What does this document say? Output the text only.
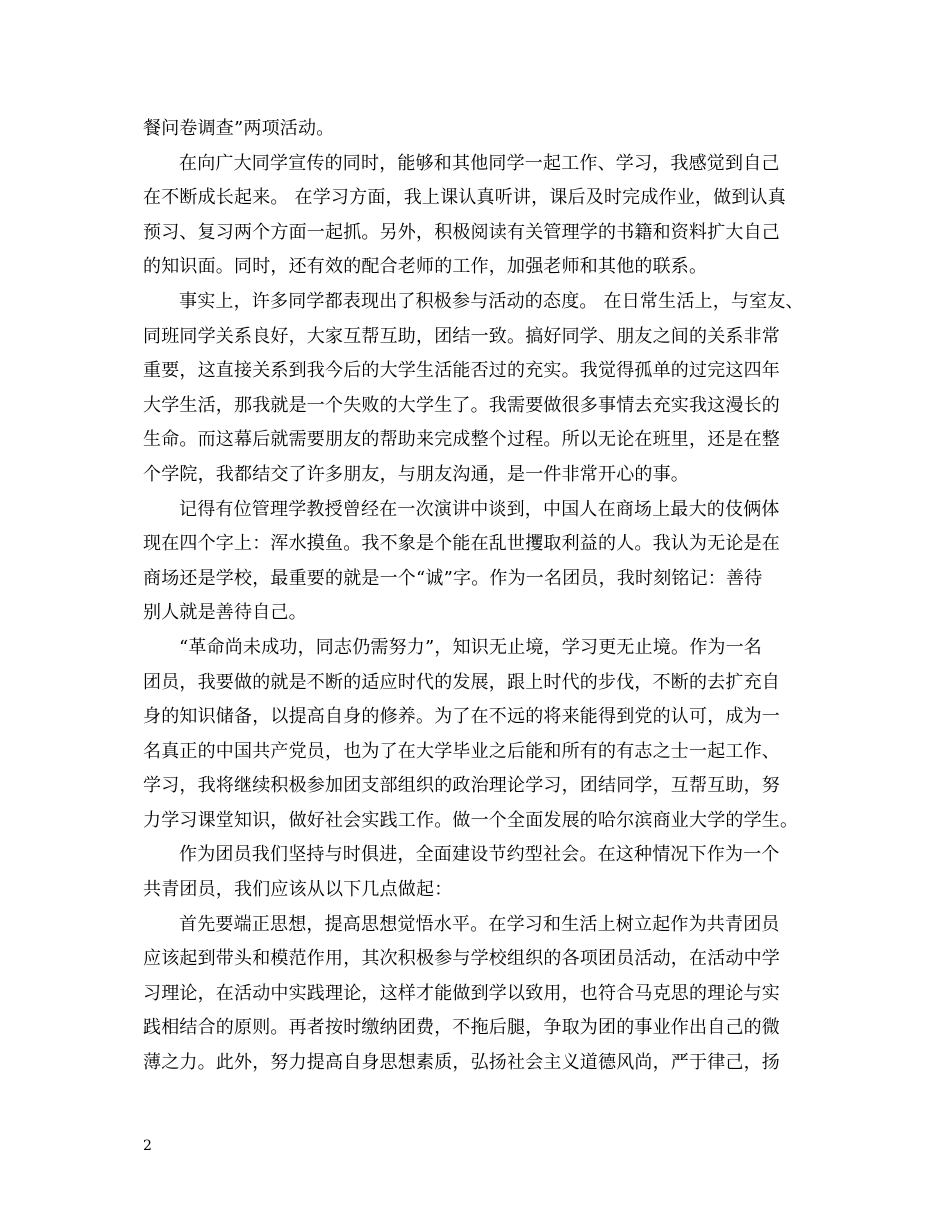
餐问卷调查”两项活动。
在向广大同学宣传的同时，能够和其他同学一起工作、学习，我感觉到自己
在不断成长起来。 在学习方面，我上课认真听讲，课后及时完成作业，做到认真
预习、复习两个方面一起抓。另外，积极阅读有关管理学的书籍和资料扩大自己
的知识面。同时，还有效的配合老师的工作，加强老师和其他的联系。
事实上，许多同学都表现出了积极参与活动的态度。 在日常生活上，与室友、
同班同学关系良好，大家互帮互助，团结一致。搞好同学、朋友之间的关系非常
重要，这直接关系到我今后的大学生活能否过的充实。我觉得孤单的过完这四年
大学生活，那我就是一个失败的大学生了。我需要做很多事情去充实我这漫长的
生命。而这幕后就需要朋友的帮助来完成整个过程。所以无论在班里，还是在整
个学院，我都结交了许多朋友，与朋友沟通，是一件非常开心的事。
记得有位管理学教授曾经在一次演讲中谈到，中国人在商场上最大的伎俩体
现在四个字上：浑水摸鱼。我不象是个能在乱世攫取利益的人。我认为无论是在
商场还是学校，最重要的就是一个“诚”字。作为一名团员，我时刻铭记：善待
别人就是善待自己。
“革命尚未成功，同志仍需努力”，知识无止境，学习更无止境。作为一名
团员，我要做的就是不断的适应时代的发展，跟上时代的步伐，不断的去扩充自
身的知识储备，以提高自身的修养。为了在不远的将来能得到党的认可，成为一
名真正的中国共产党员，也为了在大学毕业之后能和所有的有志之士一起工作、
学习，我将继续积极参加团支部组织的政治理论学习，团结同学，互帮互助，努
力学习课堂知识，做好社会实践工作。做一个全面发展的哈尔滨商业大学的学生。
作为团员我们坚持与时俱进，全面建设节约型社会。在这种情况下作为一个
共青团员，我们应该从以下几点做起：
首先要端正思想，提高思想觉悟水平。在学习和生活上树立起作为共青团员
应该起到带头和模范作用，其次积极参与学校组织的各项团员活动，在活动中学
习理论，在活动中实践理论，这样才能做到学以致用，也符合马克思的理论与实
践相结合的原则。再者按时缴纳团费，不拖后腿，争取为团的事业作出自己的微
薄之力。此外，努力提高自身思想素质，弘扬社会主义道德风尚，严于律己，扬
2
